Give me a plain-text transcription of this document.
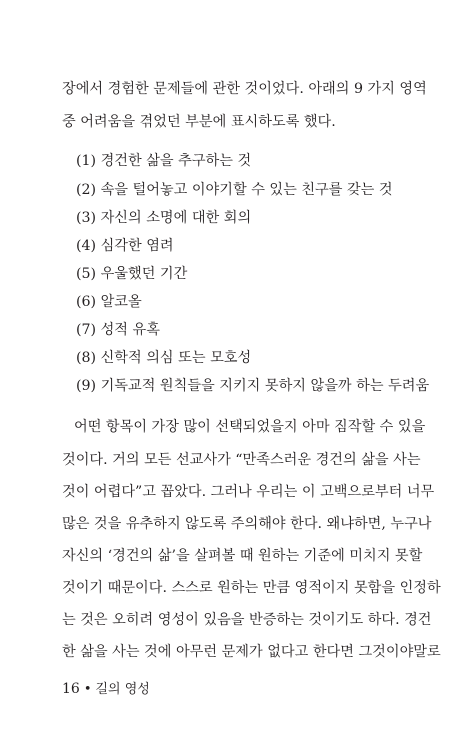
장에서 경험한 문제들에 관한 것이었다. 아래의 9 가지 영역
중 어려움을 겪었던 부분에 표시하도록 했다.
(1) 경건한 삶을 추구하는 것
(2) 속을 털어놓고 이야기할 수 있는 친구를 갖는 것
(3) 자신의 소명에 대한 회의
(4) 심각한 염려
(5) 우울했던 기간
(6) 알코올
(7) 성적 유혹
(8) 신학적 의심 또는 모호성
(9) 기독교적 원칙들을 지키지 못하지 않을까 하는 두려움
어떤 항목이 가장 많이 선택되었을지 아마 짐작할 수 있을
것이다. 거의 모든 선교사가 “만족스러운 경건의 삶을 사는
것이 어렵다”고 꼽았다. 그러나 우리는 이 고백으로부터 너무
많은 것을 유추하지 않도록 주의해야 한다. 왜냐하면, 누구나
자신의 ‘경건의 삶’을 살펴볼 때 원하는 기준에 미치지 못할
것이기 때문이다. 스스로 원하는 만큼 영적이지 못함을 인정하
는 것은 오히려 영성이 있음을 반증하는 것이기도 하다. 경건
한 삶을 사는 것에 아무런 문제가 없다고 한다면 그것이야말로
16 • 길의 영성
